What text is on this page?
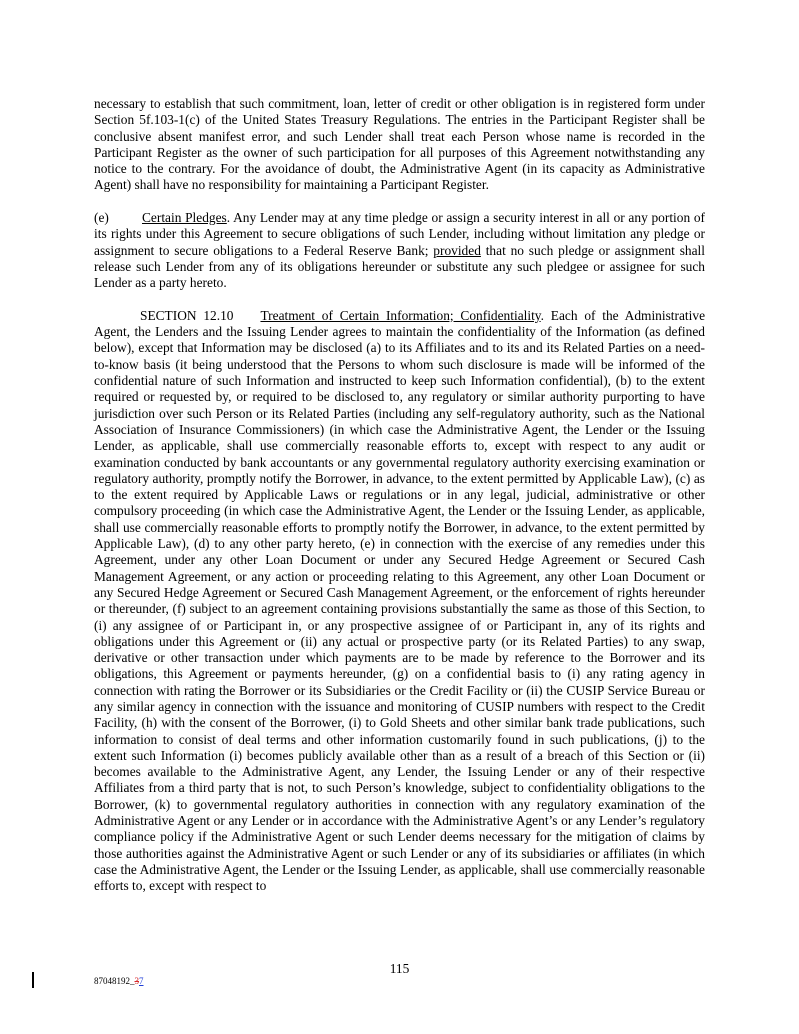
necessary to establish that such commitment, loan, letter of credit or other obligation is in registered form under Section 5f.103-1(c) of the United States Treasury Regulations. The entries in the Participant Register shall be conclusive absent manifest error, and such Lender shall treat each Person whose name is recorded in the Participant Register as the owner of such participation for all purposes of this Agreement notwithstanding any notice to the contrary. For the avoidance of doubt, the Administrative Agent (in its capacity as Administrative Agent) shall have no responsibility for maintaining a Participant Register.

(e) Certain Pledges. Any Lender may at any time pledge or assign a security interest in all or any portion of its rights under this Agreement to secure obligations of such Lender, including without limitation any pledge or assignment to secure obligations to a Federal Reserve Bank; provided that no such pledge or assignment shall release such Lender from any of its obligations hereunder or substitute any such pledgee or assignee for such Lender as a party hereto.

SECTION 12.10 Treatment of Certain Information; Confidentiality. Each of the Administrative Agent, the Lenders and the Issuing Lender agrees to maintain the confidentiality of the Information (as defined below), except that Information may be disclosed (a) to its Affiliates and to its and its Related Parties on a need-to-know basis (it being understood that the Persons to whom such disclosure is made will be informed of the confidential nature of such Information and instructed to keep such Information confidential), (b) to the extent required or requested by, or required to be disclosed to, any regulatory or similar authority purporting to have jurisdiction over such Person or its Related Parties (including any self-regulatory authority, such as the National Association of Insurance Commissioners) (in which case the Administrative Agent, the Lender or the Issuing Lender, as applicable, shall use commercially reasonable efforts to, except with respect to any audit or examination conducted by bank accountants or any governmental regulatory authority exercising examination or regulatory authority, promptly notify the Borrower, in advance, to the extent permitted by Applicable Law), (c) as to the extent required by Applicable Laws or regulations or in any legal, judicial, administrative or other compulsory proceeding (in which case the Administrative Agent, the Lender or the Issuing Lender, as applicable, shall use commercially reasonable efforts to promptly notify the Borrower, in advance, to the extent permitted by Applicable Law), (d) to any other party hereto, (e) in connection with the exercise of any remedies under this Agreement, under any other Loan Document or under any Secured Hedge Agreement or Secured Cash Management Agreement, or any action or proceeding relating to this Agreement, any other Loan Document or any Secured Hedge Agreement or Secured Cash Management Agreement, or the enforcement of rights hereunder or thereunder, (f) subject to an agreement containing provisions substantially the same as those of this Section, to (i) any assignee of or Participant in, or any prospective assignee of or Participant in, any of its rights and obligations under this Agreement or (ii) any actual or prospective party (or its Related Parties) to any swap, derivative or other transaction under which payments are to be made by reference to the Borrower and its obligations, this Agreement or payments hereunder, (g) on a confidential basis to (i) any rating agency in connection with rating the Borrower or its Subsidiaries or the Credit Facility or (ii) the CUSIP Service Bureau or any similar agency in connection with the issuance and monitoring of CUSIP numbers with respect to the Credit Facility, (h) with the consent of the Borrower, (i) to Gold Sheets and other similar bank trade publications, such information to consist of deal terms and other information customarily found in such publications, (j) to the extent such Information (i) becomes publicly available other than as a result of a breach of this Section or (ii) becomes available to the Administrative Agent, any Lender, the Issuing Lender or any of their respective Affiliates from a third party that is not, to such Person’s knowledge, subject to confidentiality obligations to the Borrower, (k) to governmental regulatory authorities in connection with any regulatory examination of the Administrative Agent or any Lender or in accordance with the Administrative Agent’s or any Lender’s regulatory compliance policy if the Administrative Agent or such Lender deems necessary for the mitigation of claims by those authorities against the Administrative Agent or such Lender or any of its subsidiaries or affiliates (in which case the Administrative Agent, the Lender or the Issuing Lender, as applicable, shall use commercially reasonable efforts to, except with respect to

115
87048192_37
